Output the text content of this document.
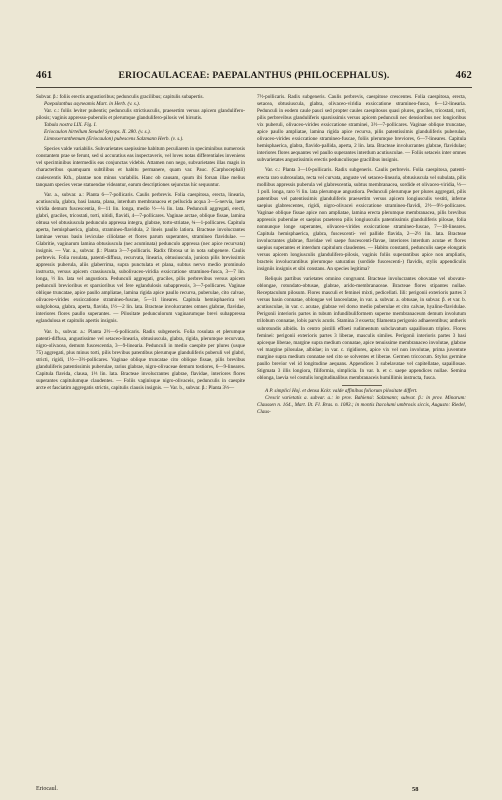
461	ERIOCAULACEAE: PAEPALANTHUS (PHILOCEPHALUS).	462

Subvar. β.: foliis erectis angustioribus; pedunculis gracilibus; capitulis subapertis.

Paepalanthus asyneamis Mart. in Herb. (v. s.).

Var. c.: foliis leviter pubentis; pedunculis strictiusculis, praesertim versus apicem glandulifero-pilosis; vaginis appresso-puberulis et plerumque glandulifero-pilosis vel hirsutis.

Tabula nostra LIX. Fig. I.

Eriocaulon hirtellum Steudel Synops. II. 280. (v. s.).

Limnoxeranthemum (Eriocaulon) pubescens Salzmann Herb. (v. s.).

Species valde variabilis. Subvarietates saepissime habitum peculiarem in speciminibus numerosis constantem prae se ferunt, sed si accuratius eas inspectaveris, vel loves notas differentiales inveniens vel speciminibus intermediis eas conjunctas videbis. Attamen non nego, subvarietates illas magis in characteribus quamquam subtilibus et habitu permanere, quam var. Pauc. (Carphocephali) caulescentis Kth., plantae non minus variabilis. Hanc ob causam, quum ibi forsan illae melius tanquam species verae statuendae videantur, earum descriptiones sejunctas hic sequuntur.

Var. a., subvar. a.: Planta 6—7-pollicaris. Caulis perbrevis. Folia caespitosa, erecta, linearia, acutiuscula, glabra, basi lanata, plana, interdum membranacea et pellucida acqua 3—5-nervia, laete viridia demum fuscescentia, 8—11 lin. longa, medio ½—¼ lin. lata. Pedunculi aggregati, erecti, glabri, graciles, tricostati, torti, nitidi, flavidi, 4—7-pollicares. Vaginae arctae, oblique fissae, lamina obtusa vel obtusiuscula pedunculo appressa integra, glabrae, torto-striatae, ¾—1-pollicares. Capitula aperta, hemisphaerica, glabra, stramineo-flavidula, 2 lineis paullo latiora. Bracteae involucrantes laminae versus basin leviculae ciliolatae et flores parum superantes, stramineo flavidulae. — Glabritie, vaginarum lamina obtusiuscula (nec acuminata) pedunculo appressa (nec apice recurvata) insignis. — Var. a., subvar. β.: Planta 3—7-pollicaris. Radix fibrosa ut in nota subgenere. Caulis perbrevis. Folia rosulata, patenti-diffusa, recurvata, linearia, obtusiuscula, juniora pilis brevissimis appressis puberula, aliis glaberrima, supra punctulata et plana, subtus nervo medio prominulo instructa, versus apicem crassiuscula, subolivaceo-viridia exsiccatione stramineo-fusca, 3—7 lin. longa, ½ lin. lata vel angustiora. Pedunculi aggregati, graciles, pilis perbrevibus versus apicem pedunculi brevioribus et sparsioribus vel fere eglandulosis subappressis, 3—7-pollicares. Vaginae oblique truncatae, apice paullo ampliatae, lamina rigida apice paullo recurva, puberulae, cito calvae, olivaceo-virides exsiccatione stramineo-fuscae, 5—11 lineares. Capitula hemisphaerica vel subglobosa, glabra, aperta, flavida, 1½—2 lin. lata. Bracteae involucrantes omnes glabrae, flavidae, interiores flores paullo superantes. — Pilositate pedunculorum vaginarumque brevi subappressa eglandulosa et capitulis apertis insignis.

Var. b., subvar. a.: Planta 2½—6-pollicaris. Radix subgeneris. Folia rosulata et plerumque patenti-diffusa, angustissime vel setaceo-linearia, obtusiuscula, glabra, rigida, plerumque recurvata, nigro-olivacea, demum fuscescentia, 3—9-linearia. Pedunculi in medio caespite per plures (usque 75) aggregati, plus minus torti, pilis brevibus patentibus plerumque glanduliferis puberuli vel glabri, stricti, rigidi, 1½—3½-pollicares. Vaginae oblique truncatae cito oblique fissae, pilis brevibus glanduliferis patentissimis puberulae, rarius glabrae, nigro-olivaceae demum tostiores, 6—9-lineares. Capitula flavida, clausa, 1⅓ lin. lata. Bracteae involucrantes glabrae, flavidae, interiores flores superantes capitulumque claudentes. — Foliis vaginisque nigro-olivaceis, pedunculis in caespite arcte et fasciatim aggregatis strictis, capitulis clausis insignis. — Var. b., subvar. β.: Planta 3⅓—

7½-pollicaris. Radix subgeneris. Caulis perbrevis, caespitose crescentes. Folia caespitosa, erecta, setacea, obtusiuscula, glabra, olivaceo-viridia exsiccatione stramineo-fusca, 6—12-linearia. Pedunculi in eodem caule pauci sed propter caules caespitosos quasi plures, graciles, tricostati, torti, pilis perbrevibus glanduliferis sparsissimis versus apicem pedunculi nec densioribus nec longioribus vix puberuli, olivaceo-virides exsiccatione straminei, 3½—7-pollicares. Vaginae oblique truncatae, apice paullo ampliatae, lamina rigida apice recurva, pilis patentissimis glanduliferis puberulae, olivaceo-virides exsiccatione stramineo-fuscae, foliis plerumque breviores, 6—7-lineares. Capitula hemisphaerica, glabra, flavido-pallida, aperta, 2 lin. lata. Bracteae involucrantes glabrae, flavidulae; interiores flores aequantes vel paullo superantes interdum acutiusculae. — Foliis setaceis inter omnes subvarietates angustissimis erectis pedunculisque gracilibus insignis.

Var. c.: Planta 3—10-pollicaris. Radix subgeneris. Caulis perbrevis. Folia caespitosa, patenti-erecta raro subrosulata, recta vel curvata, anguste vel setaceo-linearia, obtusiuscula vel subulata, pilis mollibus appressis puberula vel glabrescentia, subtus membranacea, sordide et olivaceo-viridia, ⅓—1 poll. longa, raro ½ lin. lata plerumque angustiora. Pedunculi plerumque per plures aggregati, pilis patentibus vel patentissimis glanduliferis praesertim versus apicem longiusculis vestiti, inferne saepius glabrescentes, rigidi, nigro-olivacei exsiccatione stramineo-flavidi, 2½—9½-pollicares. Vaginae oblique fissae apice non ampliatae, lamina erecta plerumque membranacea, pilis brevibus appressis puberulae et saepius praeterea pilis longiusculis patentissimis glanduliferis pilosae, folia nonnunque longe superantes, olivaceo-virides exsiccatione stramineo-fuscae, 7—18-lineares. Capitula hemisphaerica, glabra, fuscescenti- vel pallide flavida, 2—2½ lin. lata. Bracteae involucrantes glabrae, flavidae vel saepe fuscescenti-flavae, interiores interdum acutae et flores saepius superantes et interdum capitulum claudentes. — Habitu constanti, pedunculis saepe elongatis versus apicem longiusculis glandulifero-pilosis, vaginis foliis superantibus apice non ampliatis, bracteis involucrantibus plerumque saturatius (sordide fuscescenti-) flavidis, stylis appendiculis insigniis insignis et sibi constans. An species legitima?

Reliquis partibus varietates omnino congruunt. Bracteae involucrantes obovatae vel obovato-oblongae, rotundato-obtusae, glabrae, arido-membranaceae. Bracteae flores stipantes nullae. Receptaculum pilosum. Flores masculi et feminei mixti, pedicellati. Iili: perigonii exterioris partes 3 versus basin connatae, oblongae vel lanceolatae, in var. a. subvar. a. obtusae, in subvar. β. et var. b. acutiusculae, in var. c. acutae, glabrae vel dorso medio puberulae et cito calvae, hyalino-flavidulae. Perigonii interioris partes in tubum infundibuliformem superne membranaceum demum involutum trilobum connatae, lobis parvis acutis. Stamina 3 exserta; filamenta perigonio adhaerentibus; antheris subrotundis albidis. In centro pistilli effoeti rudimentum subclavatum sapaillosum triplex. Flores feminei: perigonii exterioris partes 3 liberae, masculis similes. Perigonii interioris partes 3 basi apiceque liberae, margine supra medium connatae, apice tenuissime membranaceo involutae, glabrae vel margine pilosulae, albidae; in var. c. rigidiores, apice vix vel non involutae, prima juventute margine supra medium connatae sed cito se solventes et liberae. Germen triccocum. Stylus germine paullo brevior vel id longitudine aequans. Appendices 3 subelavatae vel capitellatae, sapaillosae. Stigmata 3 illis longiora, filiformia, simplicia. In var. b. et c. saepe appendices nullae. Semina oblonga, laevia vel costulis longitudinalibus membranaceis humillimis instructa, fusca.

A P. simplici Hoj. et densa Kckr. valde affinibus foliorum pilositate differt.

Crescit varietatis a. subvar. a.: in prov. Bahiensi: Salzmann; subvar. β.: in prov. Minarum: Claussen n. 164., Mart. Ilt. Fl. Bras. n. 1083.; in montis Itacolumi umbrosis siccis, Augusto: Riedel, Claus-

Eriocaul.	58
